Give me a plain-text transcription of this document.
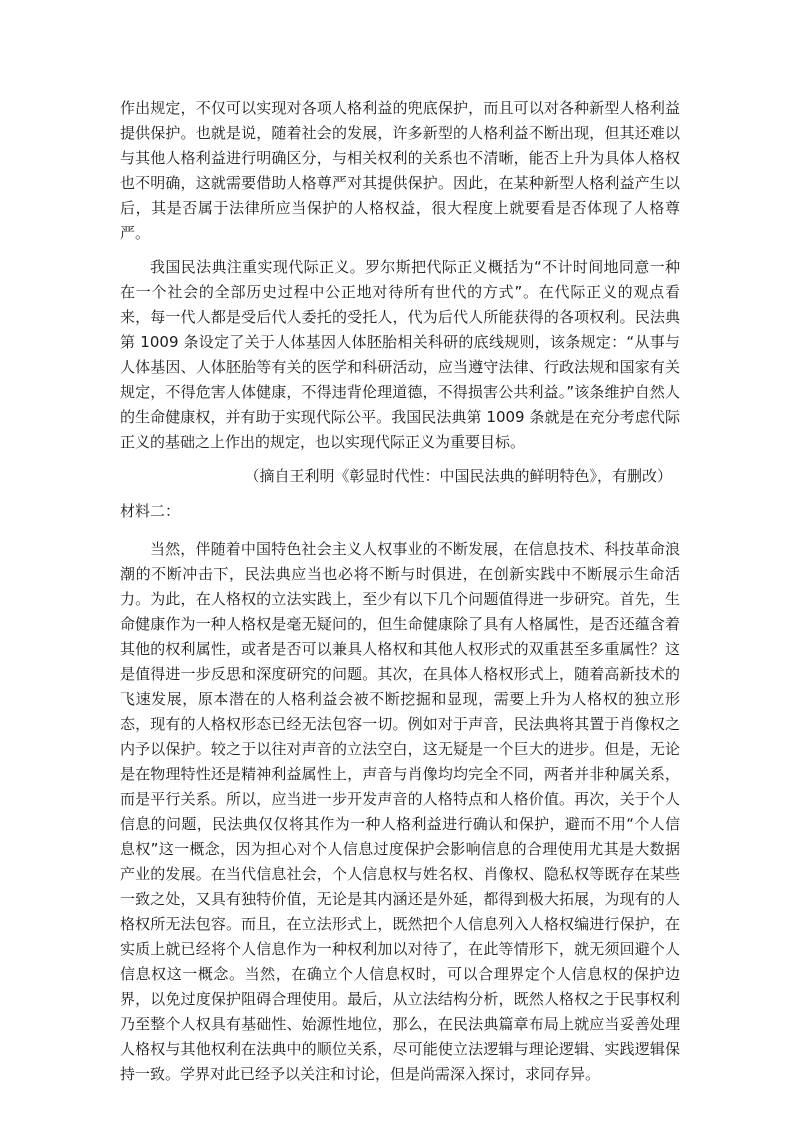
作出规定，不仅可以实现对各项人格利益的兜底保护，而且可以对各种新型人格利益提供保护。也就是说，随着社会的发展，许多新型的人格利益不断出现，但其还难以与其他人格利益进行明确区分，与相关权利的关系也不清晰，能否上升为具体人格权也不明确，这就需要借助人格尊严对其提供保护。因此，在某种新型人格利益产生以后，其是否属于法律所应当保护的人格权益，很大程度上就要看是否体现了人格尊严。

我国民法典注重实现代际正义。罗尔斯把代际正义概括为“不计时间地同意一种在一个社会的全部历史过程中公正地对待所有世代的方式”。在代际正义的观点看来，每一代人都是受后代人委托的受托人，代为后代人所能获得的各项权利。民法典第 1009 条设定了关于人体基因人体胚胎相关科研的底线规则，该条规定：“从事与人体基因、人体胚胎等有关的医学和科研活动，应当遵守法律、行政法规和国家有关规定，不得危害人体健康，不得违背伦理道德，不得损害公共利益。”该条维护自然人的生命健康权，并有助于实现代际公平。我国民法典第 1009 条就是在充分考虑代际正义的基础之上作出的规定，也以实现代际正义为重要目标。

（摘自王利明《彰显时代性：中国民法典的鲜明特色》，有删改）

材料二：

当然，伴随着中国特色社会主义人权事业的不断发展，在信息技术、科技革命浪潮的不断冲击下，民法典应当也必将不断与时俱进，在创新实践中不断展示生命活力。为此，在人格权的立法实践上，至少有以下几个问题值得进一步研究。首先，生命健康作为一种人格权是毫无疑问的，但生命健康除了具有人格属性，是否还蕴含着其他的权利属性，或者是否可以兼具人格权和其他人权形式的双重甚至多重属性？这是值得进一步反思和深度研究的问题。其次，在具体人格权形式上，随着高新技术的飞速发展，原本潜在的人格利益会被不断挖掘和显现，需要上升为人格权的独立形态，现有的人格权形态已经无法包容一切。例如对于声音，民法典将其置于肖像权之内予以保护。较之于以往对声音的立法空白，这无疑是一个巨大的进步。但是，无论是在物理特性还是精神利益属性上，声音与肖像均均完全不同，两者并非种属关系，而是平行关系。所以，应当进一步开发声音的人格特点和人格价值。再次，关于个人信息的问题，民法典仅仅将其作为一种人格利益进行确认和保护，避而不用“个人信息权”这一概念，因为担心对个人信息过度保护会影响信息的合理使用尤其是大数据产业的发展。在当代信息社会，个人信息权与姓名权、肖像权、隐私权等既存在某些一致之处，又具有独特价值，无论是其内涵还是外延，都得到极大拓展，为现有的人格权所无法包容。而且，在立法形式上，既然把个人信息列入人格权编进行保护，在实质上就已经将个人信息作为一种权利加以对待了，在此等情形下，就无须回避个人信息权这一概念。当然，在确立个人信息权时，可以合理界定个人信息权的保护边界，以免过度保护阻碍合理使用。最后，从立法结构分析，既然人格权之于民事权利乃至整个人权具有基础性、始源性地位，那么，在民法典篇章布局上就应当妥善处理人格权与其他权利在法典中的顺位关系，尽可能使立法逻辑与理论逻辑、实践逻辑保持一致。学界对此已经予以关注和讨论，但是尚需深入探讨，求同存异。
